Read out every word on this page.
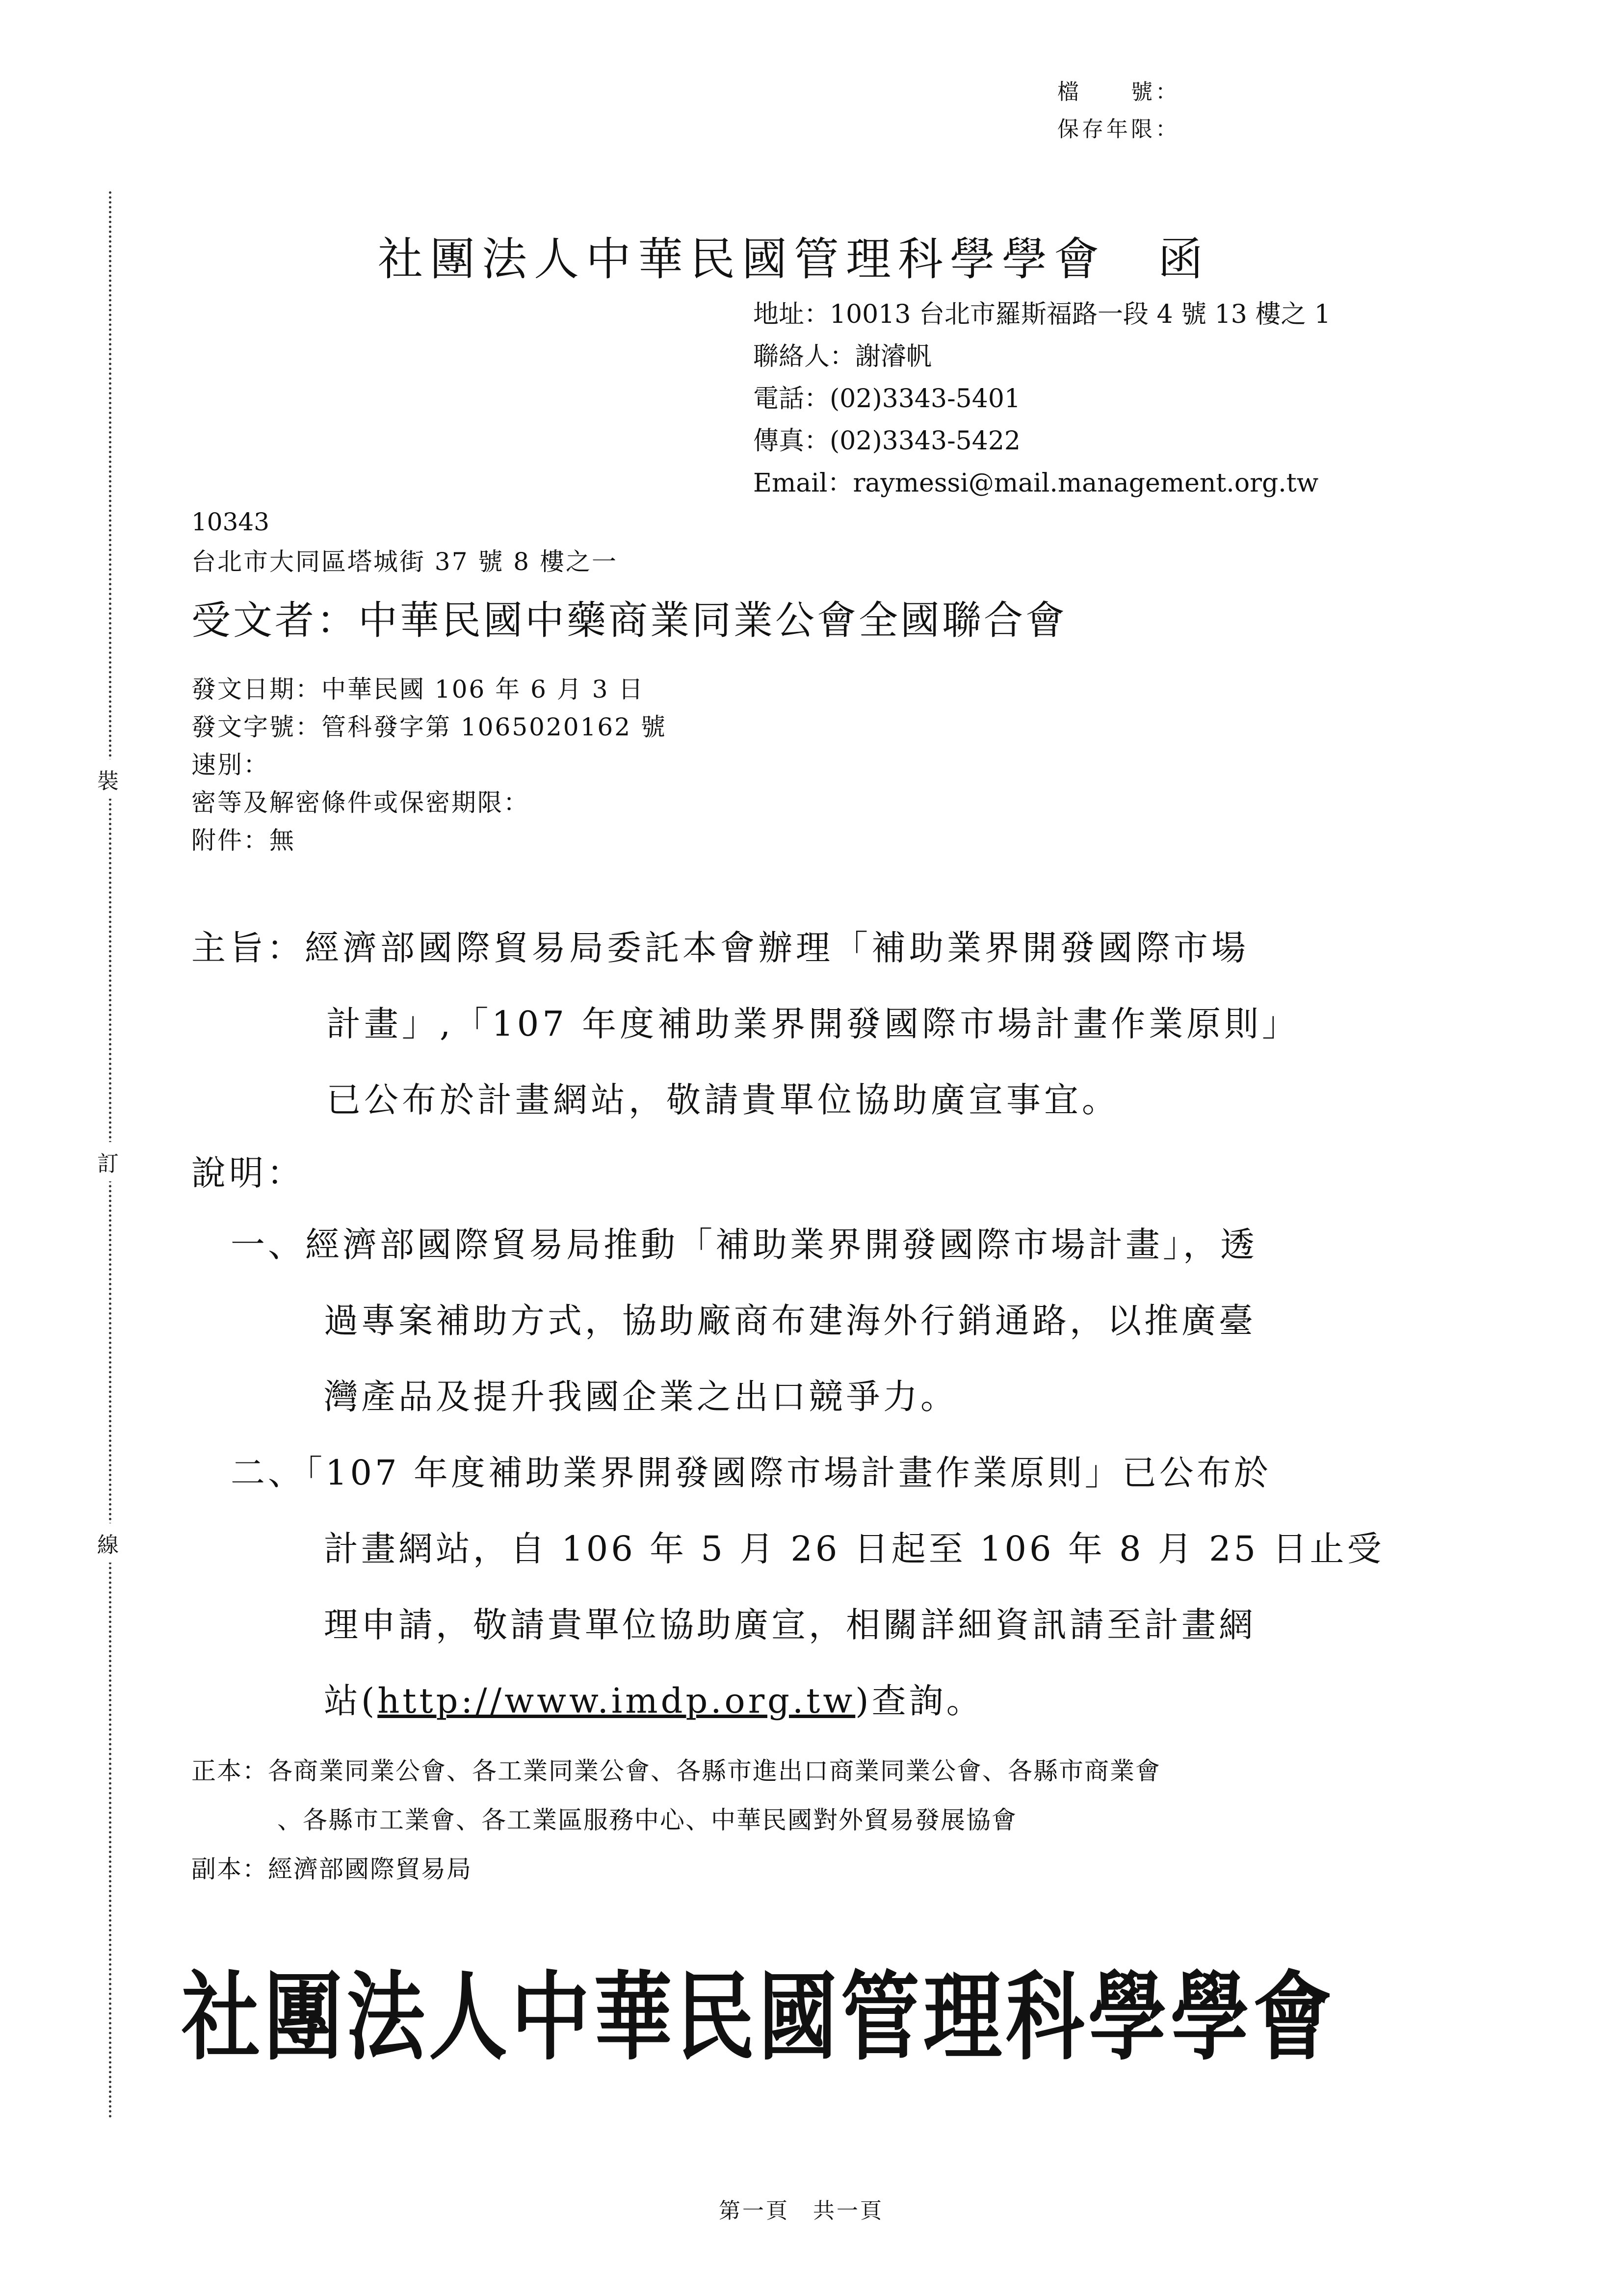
檔　　號：
保存年限：
裝
訂
線
社團法人中華民國管理科學學會　函
地址：10013 台北市羅斯福路一段 4 號 13 樓之 1
聯絡人：謝濬帆
電話：(02)3343-5401
傳真：(02)3343-5422
Email：raymessi@mail.management.org.tw
10343
台北市大同區塔城街 37 號 8 樓之一
受文者：中華民國中藥商業同業公會全國聯合會
發文日期：中華民國 106 年 6 月 3 日
發文字號：管科發字第 1065020162 號
速別：
密等及解密條件或保密期限：
附件：無
主旨：經濟部國際貿易局委託本會辦理「補助業界開發國際市場
計畫」,「107 年度補助業界開發國際市場計畫作業原則」
已公布於計畫網站，敬請貴單位協助廣宣事宜。
說明：
一、經濟部國際貿易局推動「補助業界開發國際市場計畫」，透
過專案補助方式，協助廠商布建海外行銷通路，以推廣臺
灣產品及提升我國企業之出口競爭力。
二、「107 年度補助業界開發國際市場計畫作業原則」已公布於
計畫網站，自 106 年 5 月 26 日起至 106 年 8 月 25 日止受
理申請，敬請貴單位協助廣宣，相關詳細資訊請至計畫網
站(http://www.imdp.org.tw)查詢。
正本：各商業同業公會、各工業同業公會、各縣市進出口商業同業公會、各縣市商業會
、各縣市工業會、各工業區服務中心、中華民國對外貿易發展協會
副本：經濟部國際貿易局
社團法人中華民國管理科學學會
第一頁　共一頁
